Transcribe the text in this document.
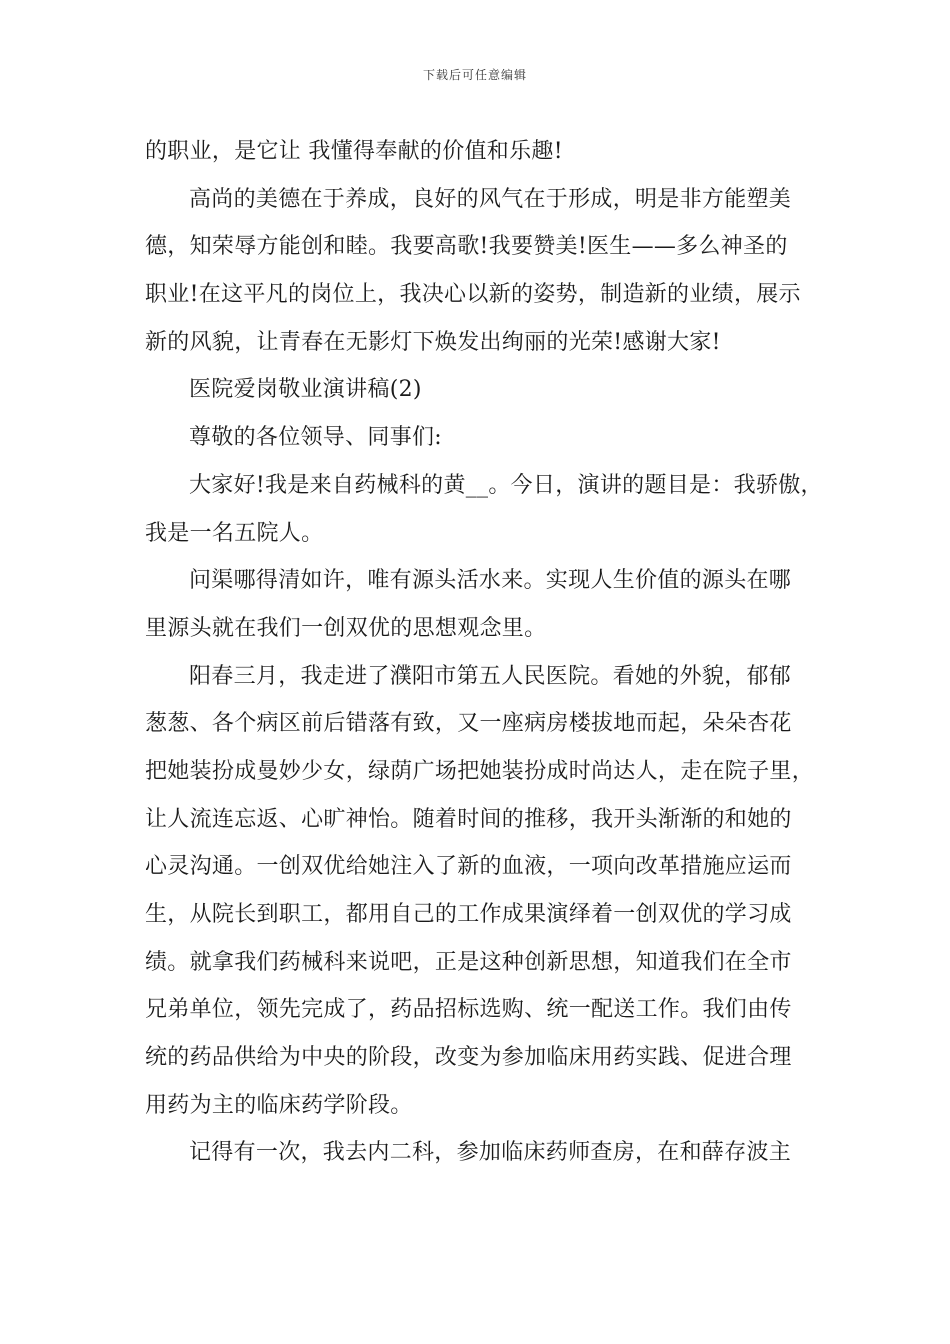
下载后可任意编辑
的职业，是它让 我懂得奉献的价值和乐趣!
高尚的美德在于养成，良好的风气在于形成，明是非方能塑美
德，知荣辱方能创和睦。我要高歌!我要赞美!医生——多么神圣的
职业!在这平凡的岗位上，我决心以新的姿势，制造新的业绩，展示
新的风貌，让青春在无影灯下焕发出绚丽的光荣!感谢大家!
医院爱岗敬业演讲稿(2)
尊敬的各位领导、同事们:
大家好!我是来自药械科的黄__。今日，演讲的题目是：我骄傲，
我是一名五院人。
问渠哪得清如许，唯有源头活水来。实现人生价值的源头在哪
里源头就在我们一创双优的思想观念里。
阳春三月，我走进了濮阳市第五人民医院。看她的外貌，郁郁
葱葱、各个病区前后错落有致，又一座病房楼拔地而起，朵朵杏花
把她装扮成曼妙少女，绿荫广场把她装扮成时尚达人，走在院子里，
让人流连忘返、心旷神怡。随着时间的推移，我开头渐渐的和她的
心灵沟通。一创双优给她注入了新的血液，一项向改革措施应运而
生，从院长到职工，都用自己的工作成果演绎着一创双优的学习成
绩。就拿我们药械科来说吧，正是这种创新思想，知道我们在全市
兄弟单位，领先完成了，药品招标选购、统一配送工作。我们由传
统的药品供给为中央的阶段，改变为参加临床用药实践、促进合理
用药为主的临床药学阶段。
记得有一次，我去内二科，参加临床药师查房，在和薛存波主
